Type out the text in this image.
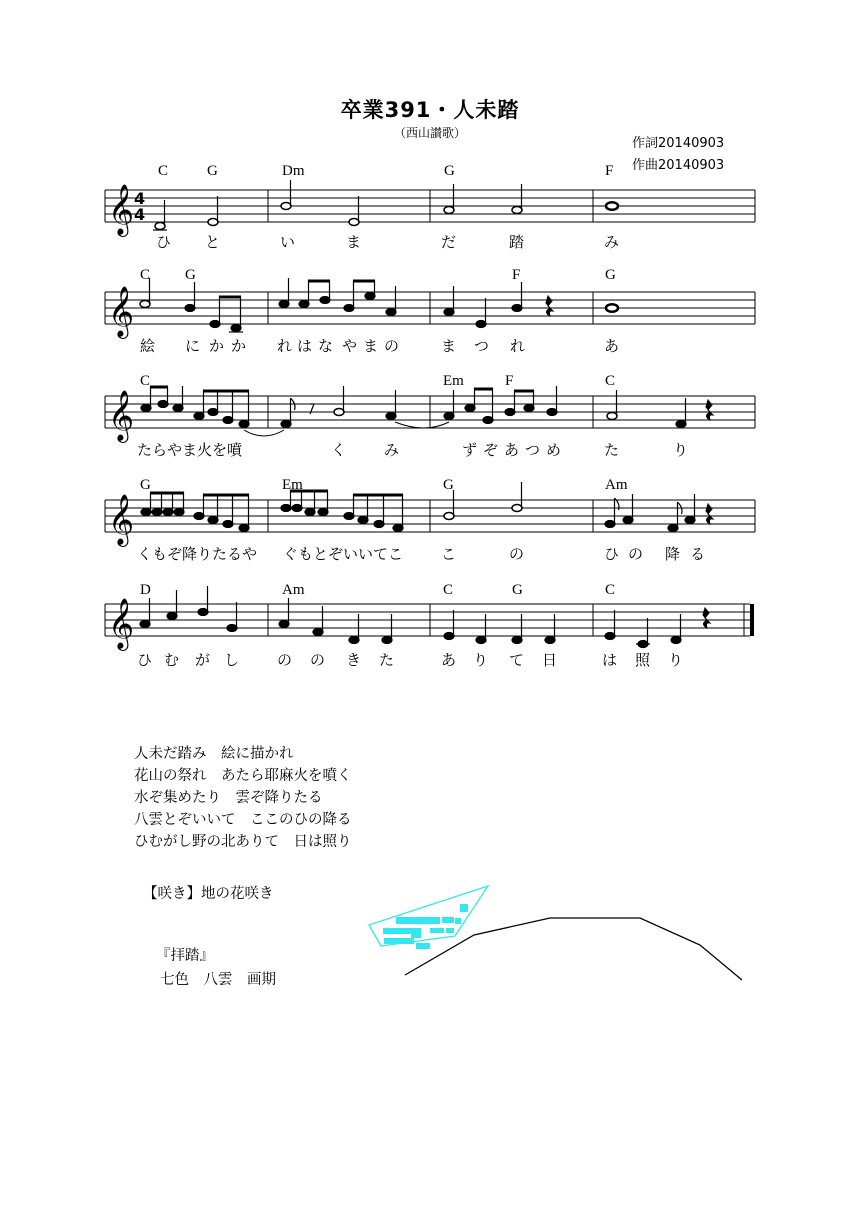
卒業391・人未踏
（西山讃歌）
作詞20140903
作曲20140903
𝄞 4
4
C	G	Dm	G	F
ひ と	い	ま	だ	踏	み
𝄞
C G	F	G
絵 に か か れ は な や ま の	ま つ れ	あ
𝄞
C	Em	F	C
たらやま火を噴	く	み	ず ぞ あ つ め	た	り
𝄞
G	Em	G	Am
くもぞ降りたるや ぐもとぞいいてこ	こ	の	ひ の 降 る
𝄞
D	Am	C	G	C
ひ む が し	の の き た	あ り て 日	は 照 り
人未だ踏み　絵に描かれ
花山の祭れ　あたら耶麻火を噴く
水ぞ集めたり　雲ぞ降りたる
八雲とぞいいて　ここのひの降る
ひむがし野の北ありて　日は照り
【咲き】地の花咲き
『拝踏』
七色　八雲　画期
